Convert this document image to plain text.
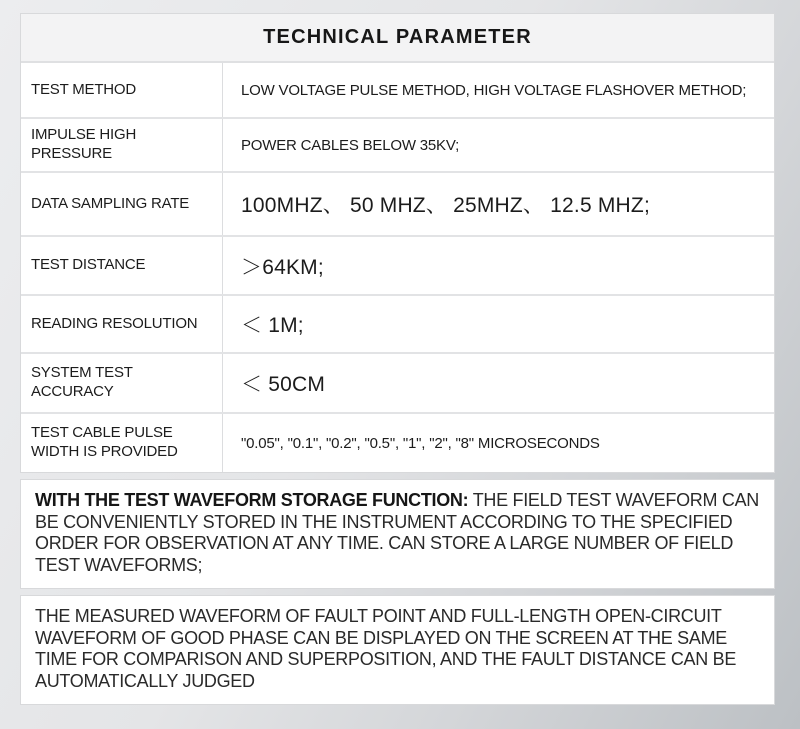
TECHNICAL PARAMETER
TEST METHOD	LOW VOLTAGE PULSE METHOD, HIGH VOLTAGE FLASHOVER METHOD;
IMPULSE HIGH PRESSURE	POWER CABLES BELOW 35KV;
DATA SAMPLING RATE	100MHZ、 50 MHZ、 25MHZ、 12.5 MHZ;
TEST DISTANCE	＞64KM;
READING RESOLUTION	＜ 1M;
SYSTEM TEST ACCURACY	＜ 50CM
TEST CABLE PULSE WIDTH IS PROVIDED	"0.05", "0.1", "0.2", "0.5", "1", "2", "8" MICROSECONDS
WITH THE TEST WAVEFORM STORAGE FUNCTION: THE FIELD TEST WAVEFORM CAN BE CONVENIENTLY STORED IN THE INSTRUMENT ACCORDING TO THE SPECIFIED ORDER FOR OBSERVATION AT ANY TIME. CAN STORE A LARGE NUMBER OF FIELD TEST WAVEFORMS;
THE MEASURED WAVEFORM OF FAULT POINT AND FULL-LENGTH OPEN-CIRCUIT WAVEFORM OF GOOD PHASE CAN BE DISPLAYED ON THE SCREEN AT THE SAME TIME FOR COMPARISON AND SUPERPOSITION, AND THE FAULT DISTANCE CAN BE AUTOMATICALLY JUDGED
